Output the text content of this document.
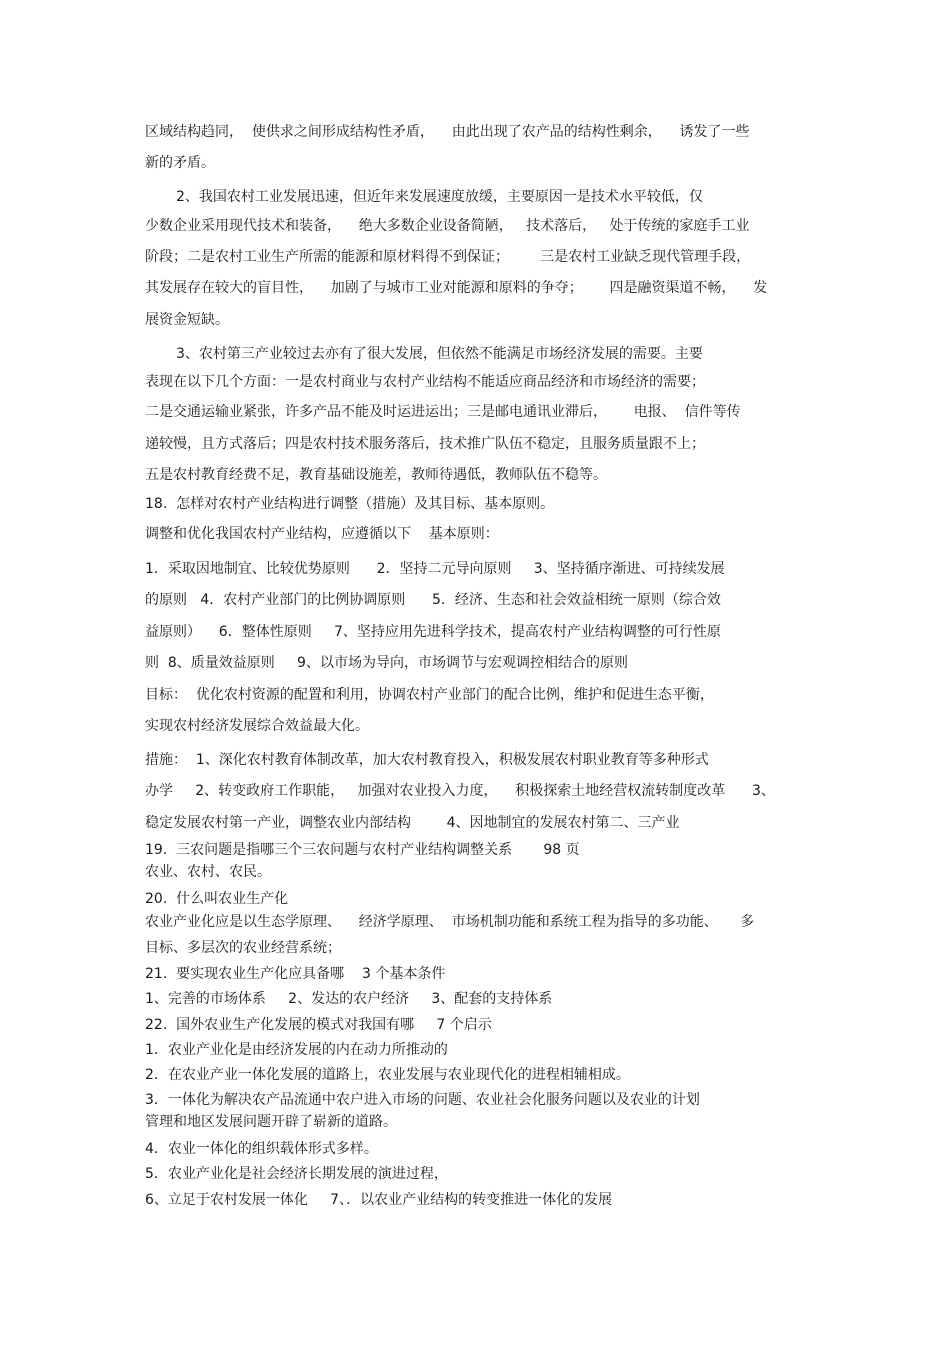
区域结构趋同，  使供求之间形成结构性矛盾，    由此出现了农产品的结构性剩余，    诱发了一些

新的矛盾。

2、我国农村工业发展迅速，但近年来发展速度放缓，主要原因一是技术水平较低，仅

少数企业采用现代技术和装备，    绝大多数企业设备简陋，   技术落后，   处于传统的家庭手工业

阶段；二是农村工业生产所需的能源和原材料得不到保证；       三是农村工业缺乏现代管理手段，

其发展存在较大的盲目性，    加剧了与城市工业对能源和原料的争夺；      四是融资渠道不畅，    发

展资金短缺。

3、农村第三产业较过去亦有了很大发展，但依然不能满足市场经济发展的需要。主要

表现在以下几个方面：一是农村商业与农村产业结构不能适应商品经济和市场经济的需要；

二是交通运输业紧张，许多产品不能及时运进运出；三是邮电通讯业滞后，      电报、  信件等传

递较慢，且方式落后；四是农村技术服务落后，技术推广队伍不稳定，且服务质量跟不上；

五是农村教育经费不足，教育基础设施差，教师待遇低，教师队伍不稳等。

18.  怎样对农村产业结构进行调整（措施）及其目标、基本原则。

调整和优化我国农村产业结构，应遵循以下    基本原则：

1．采取因地制宜、比较优势原则      2．坚持二元导向原则     3、坚持循序渐进、可持续发展

的原则   4．农村产业部门的比例协调原则      5．经济、生态和社会效益相统一原则（综合效

益原则）    6．整体性原则     7、坚持应用先进科学技术，提高农村产业结构调整的可行性原

则  8、质量效益原则     9、以市场为导向，市场调节与宏观调控相结合的原则

目标：  优化农村资源的配置和利用，协调农村产业部门的配合比例，维护和促进生态平衡，

实现农村经济发展综合效益最大化。

措施：  1、深化农村教育体制改革，加大农村教育投入，积极发展农村职业教育等多种形式

办学     2、转变政府工作职能，   加强对农业投入力度，    积极探索土地经营权流转制度改革      3、

稳定发展农村第一产业，调整农业内部结构        4、因地制宜的发展农村第二、三产业

19.  三农问题是指哪三个三农问题与农村产业结构调整关系       98 页

农业、农村、农民。

20.  什么叫农业生产化

农业产业化应是以生态学原理、    经济学原理、  市场机制功能和系统工程为指导的多功能、     多

目标、多层次的农业经营系统；

21.  要实现农业生产化应具备哪    3 个基本条件

1、完善的市场体系     2、发达的农户经济     3、配套的支持体系

22.  国外农业生产化发展的模式对我国有哪     7 个启示

1．农业产业化是由经济发展的内在动力所推动的

2．在农业产业一体化发展的道路上，农业发展与农业现代化的进程相辅相成。

3．一体化为解决农产品流通中农户进入市场的问题、农业社会化服务问题以及农业的计划

管理和地区发展问题开辟了崭新的道路。

4．农业一体化的组织载体形式多样。

5．农业产业化是社会经济长期发展的演进过程，

6、立足于农村发展一体化     7、．以农业产业结构的转变推进一体化的发展
